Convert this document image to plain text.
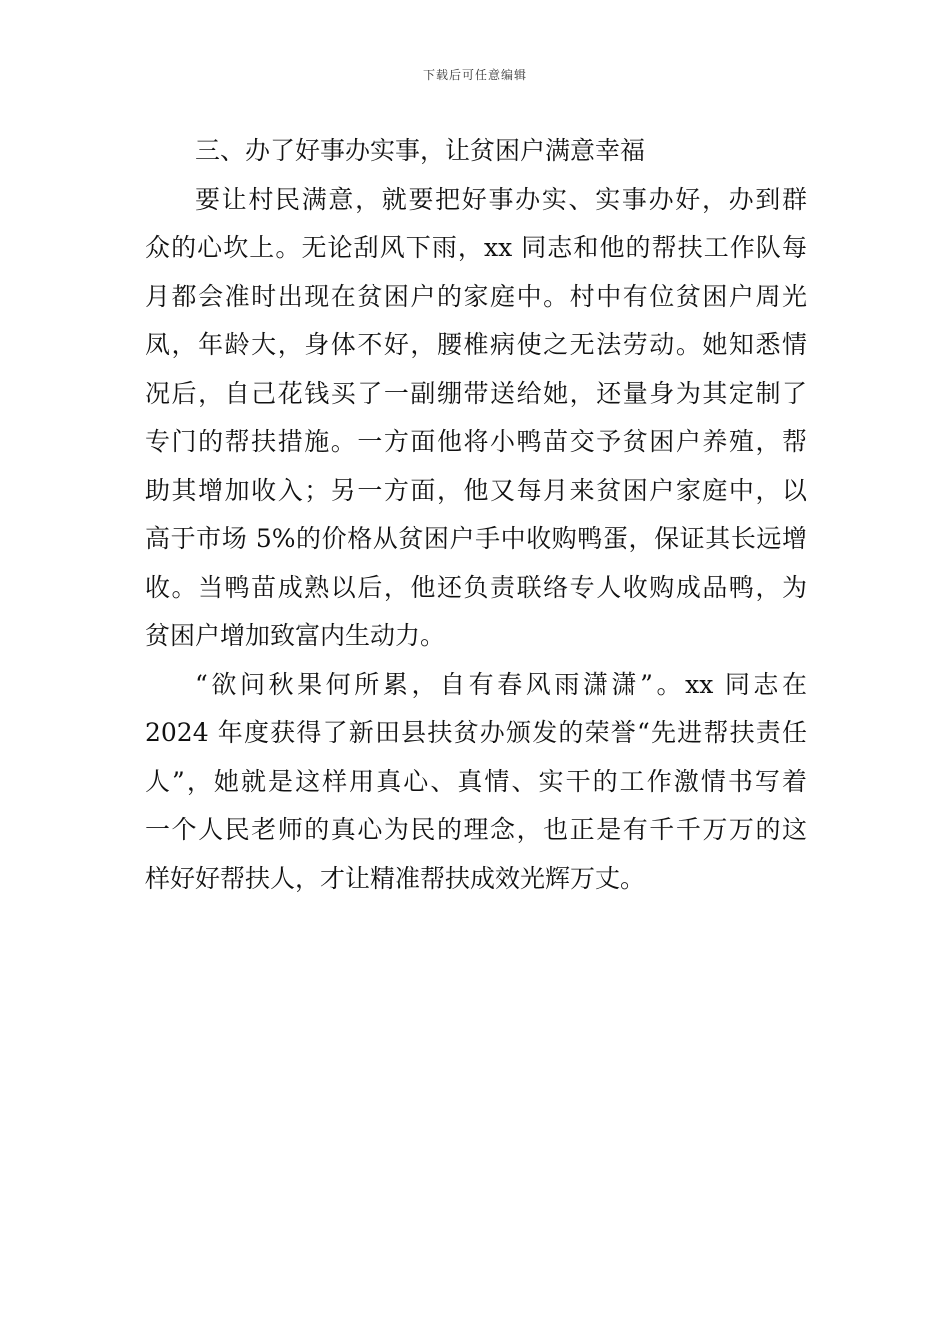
下载后可任意编辑

三、办了好事办实事，让贫困户满意幸福

要让村民满意，就要把好事办实、实事办好，办到群
众的心坎上。无论刮风下雨，xx 同志和他的帮扶工作队每
月都会准时出现在贫困户的家庭中。村中有位贫困户周光
凤，年龄大，身体不好，腰椎病使之无法劳动。她知悉情
况后，自己花钱买了一副绷带送给她，还量身为其定制了
专门的帮扶措施。一方面他将小鸭苗交予贫困户养殖，帮
助其增加收入；另一方面，他又每月来贫困户家庭中，以
高于市场 5%的价格从贫困户手中收购鸭蛋，保证其长远增
收。当鸭苗成熟以后，他还负责联络专人收购成品鸭，为
贫困户增加致富内生动力。

“欲问秋果何所累，自有春风雨潇潇”。xx 同志在
2024 年度获得了新田县扶贫办颁发的荣誉“先进帮扶责任
人”，她就是这样用真心、真情、实干的工作激情书写着
一个人民老师的真心为民的理念，也正是有千千万万的这
样好好帮扶人，才让精准帮扶成效光辉万丈。
